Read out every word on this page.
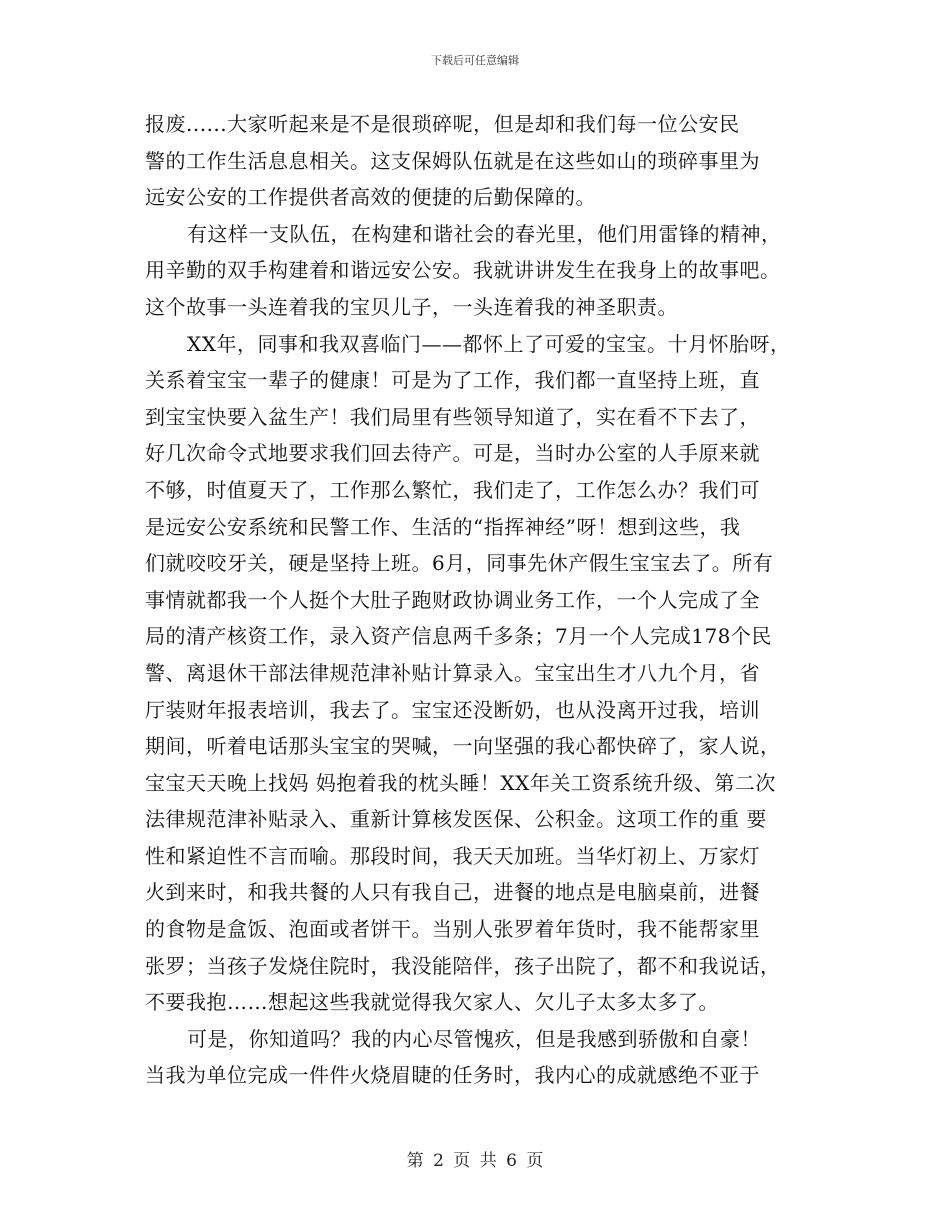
下载后可任意编辑
报废......大家听起来是不是很琐碎呢，但是却和我们每一位公安民
警的工作生活息息相关。这支保姆队伍就是在这些如山的琐碎事里为
远安公安的工作提供者高效的便捷的后勤保障的。
有这样一支队伍，在构建和谐社会的春光里，他们用雷锋的精神，
用辛勤的双手构建着和谐远安公安。我就讲讲发生在我身上的故事吧。
这个故事一头连着我的宝贝儿子，一头连着我的神圣职责。
XX年，同事和我双喜临门——都怀上了可爱的宝宝。十月怀胎呀，
关系着宝宝一辈子的健康！可是为了工作，我们都一直坚持上班，直
到宝宝快要入盆生产！我们局里有些领导知道了，实在看不下去了，
好几次命令式地要求我们回去待产。可是，当时办公室的人手原来就
不够，时值夏天了，工作那么繁忙，我们走了，工作怎么办？我们可
是远安公安系统和民警工作、生活的“指挥神经”呀！想到这些，我
们就咬咬牙关，硬是坚持上班。6月，同事先休产假生宝宝去了。所有
事情就都我一个人挺个大肚子跑财政协调业务工作，一个人完成了全
局的清产核资工作，录入资产信息两千多条；7月一个人完成178个民
警、离退休干部法律规范津补贴计算录入。宝宝出生才八九个月，省
厅装财年报表培训，我去了。宝宝还没断奶，也从没离开过我，培训
期间，听着电话那头宝宝的哭喊，一向坚强的我心都快碎了，家人说，
宝宝天天晚上找妈 妈抱着我的枕头睡！XX年关工资系统升级、第二次
法律规范津补贴录入、重新计算核发医保、公积金。这项工作的重 要
性和紧迫性不言而喻。那段时间，我天天加班。当华灯初上、万家灯
火到来时，和我共餐的人只有我自己，进餐的地点是电脑桌前，进餐
的食物是盒饭、泡面或者饼干。当别人张罗着年货时，我不能帮家里
张罗；当孩子发烧住院时，我没能陪伴，孩子出院了，都不和我说话，
不要我抱……想起这些我就觉得我欠家人、欠儿子太多太多了。
可是，你知道吗？我的内心尽管愧疚，但是我感到骄傲和自豪！
当我为单位完成一件件火烧眉睫的任务时，我内心的成就感绝不亚于
第 2 页 共 6 页
